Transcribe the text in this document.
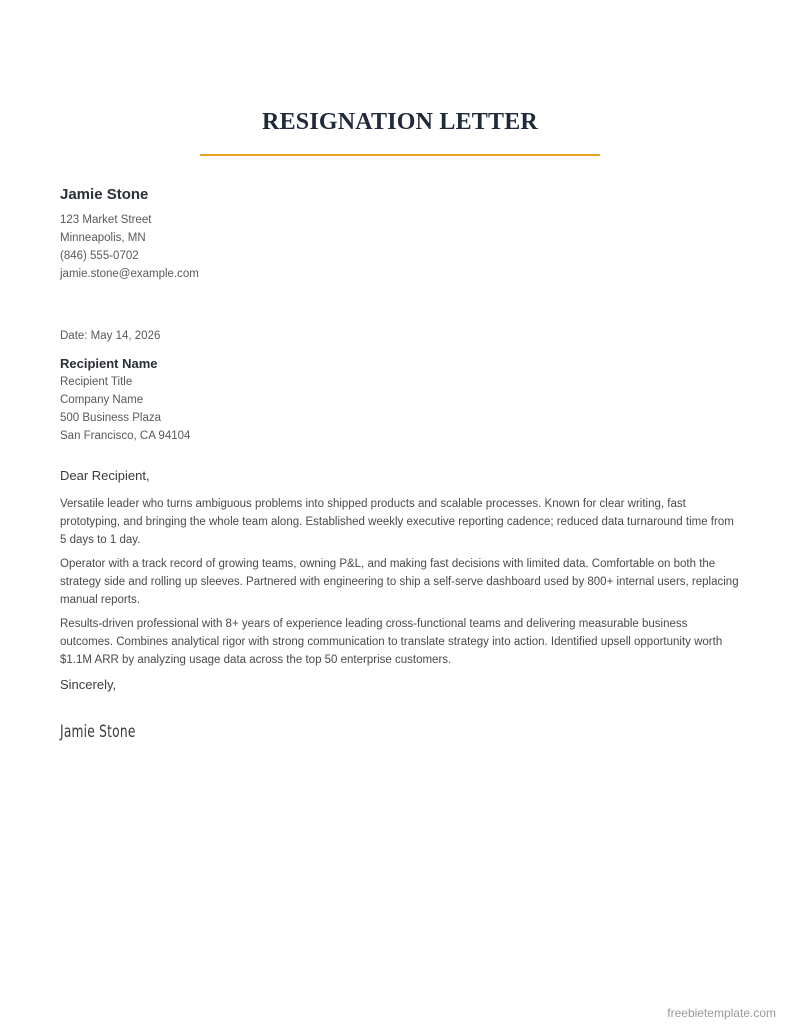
RESIGNATION LETTER
Jamie Stone
123 Market Street
Minneapolis, MN
(846) 555-0702
jamie.stone@example.com
Date: May 14, 2026
Recipient Name
Recipient Title
Company Name
500 Business Plaza
San Francisco, CA 94104
Dear Recipient,

Versatile leader who turns ambiguous problems into shipped products and scalable processes. Known for clear writing, fast prototyping, and bringing the whole team along. Established weekly executive reporting cadence; reduced data turnaround time from 5 days to 1 day.

Operator with a track record of growing teams, owning P&L, and making fast decisions with limited data. Comfortable on both the strategy side and rolling up sleeves. Partnered with engineering to ship a self-serve dashboard used by 800+ internal users, replacing manual reports.

Results-driven professional with 8+ years of experience leading cross-functional teams and delivering measurable business outcomes. Combines analytical rigor with strong communication to translate strategy into action. Identified upsell opportunity worth $1.1M ARR by analyzing usage data across the top 50 enterprise customers.

Sincerely,
Jamie Stone
freebietemplate.com
